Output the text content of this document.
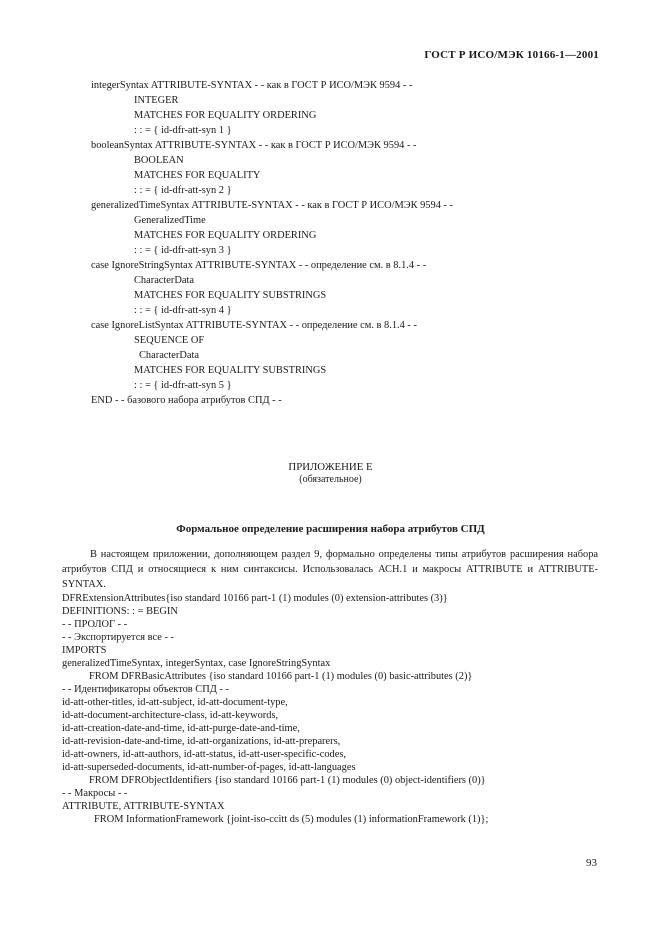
ГОСТ Р ИСО/МЭК 10166-1—2001
integerSyntax ATTRIBUTE-SYNTAX - - как в ГОСТ Р ИСО/МЭК 9594 - -
INTEGER
MATCHES FOR EQUALITY ORDERING
: : = { id-dfr-att-syn 1 }
booleanSyntax ATTRIBUTE-SYNTAX - - как в ГОСТ Р ИСО/МЭК 9594 - -
BOOLEAN
MATCHES FOR EQUALITY
: : = { id-dfr-att-syn 2 }
generalizedTimeSyntax ATTRIBUTE-SYNTAX - - как в ГОСТ Р ИСО/МЭК 9594 - -
GeneralizedTime
MATCHES FOR EQUALITY ORDERING
: : = { id-dfr-att-syn 3 }
case IgnoreStringSyntax ATTRIBUTE-SYNTAX - - определение см. в 8.1.4 - -
CharacterData
MATCHES FOR EQUALITY SUBSTRINGS
: : = { id-dfr-att-syn 4 }
case IgnoreListSyntax ATTRIBUTE-SYNTAX - - определение см. в 8.1.4 - -
SEQUENCE OF
CharacterData
MATCHES FOR EQUALITY SUBSTRINGS
: : = { id-dfr-att-syn 5 }
END - - базового набора атрибутов СПД - -
ПРИЛОЖЕНИЕ Е
(обязательное)
Формальное определение расширения набора атрибутов СПД
В настоящем приложении, дополняющем раздел 9, формально определены типы атрибутов расширения набора атрибутов СПД и относящиеся к ним синтаксисы. Использовалась АСН.1 и макросы ATTRIBUTE и ATTRIBUTE-SYNTAX.
DFRExtensionAttributes{iso standard 10166 part-1 (1) modules (0) extension-attributes (3)}
DEFINITIONS: : = BEGIN
- - ПРОЛОГ - -
- - Экспортируется все - -
IMPORTS
generalizedTimeSyntax, integerSyntax, case IgnoreStringSyntax
FROM DFRBasicAttributes {iso standard 10166 part-1 (1) modules (0) basic-attributes (2)}
- - Идентификаторы объектов СПД - -
id-att-other-titles, id-att-subject, id-att-document-type,
id-att-document-architecture-class, id-att-keywords,
id-att-creation-date-and-time, id-att-purge-date-and-time,
id-att-revision-date-and-time, id-att-organizations, id-att-preparers,
id-att-owners, id-att-authors, id-att-status, id-att-user-specific-codes,
id-att-superseded-documents, id-att-number-of-pages, id-att-languages
FROM DFRObjectIdentifiers {iso standard 10166 part-1 (1) modules (0) object-identifiers (0)}
- - Макросы - -
ATTRIBUTE, ATTRIBUTE-SYNTAX
FROM InformationFramework {joint-iso-ccitt ds (5) modules (1) informationFramework (1)};
93
